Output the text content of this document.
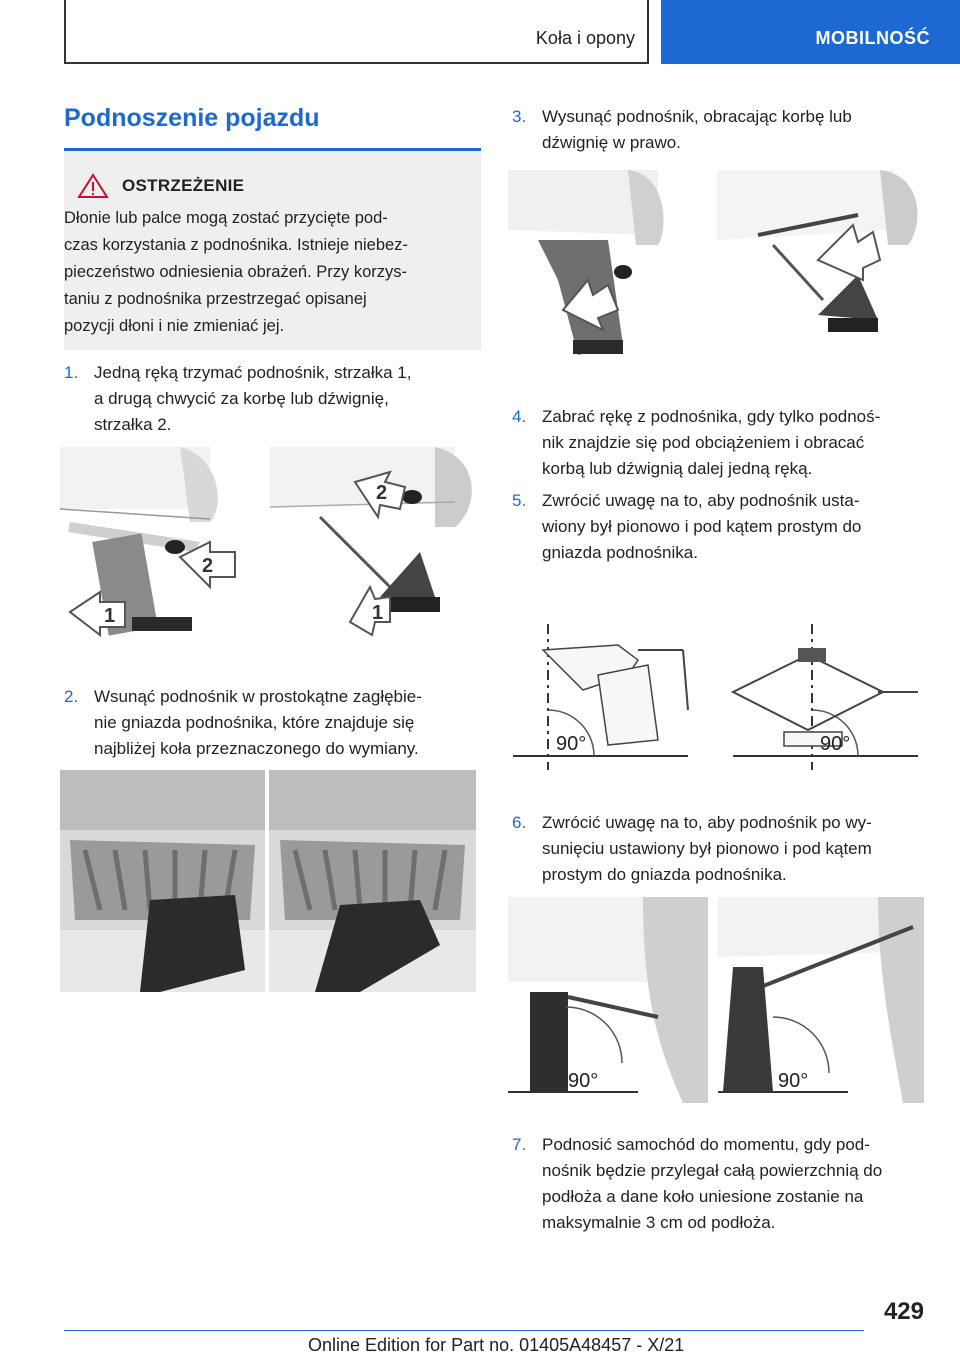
Koła i opony	MOBILNOŚĆ
Podnoszenie pojazdu
OSTRZEŻENIE
Dłonie lub palce mogą zostać przycięte pod-
czas korzystania z podnośnika. Istnieje niebez-
pieczeństwo odniesienia obrażeń. Przy korzys-
taniu z podnośnika przestrzegać opisanej
pozycji dłoni i nie zmieniać jej.
1. Jedną ręką trzymać podnośnik, strzałka 1,
a drugą chwycić za korbę lub dźwignię,
strzałka 2.
2
1
2
1
2. Wsunąć podnośnik w prostokątne zagłębie-
nie gniazda podnośnika, które znajduje się
najbliżej koła przeznaczonego do wymiany.
3. Wysunąć podnośnik, obracając korbę lub
dźwignię w prawo.
4. Zabrać rękę z podnośnika, gdy tylko podnoś-
nik znajdzie się pod obciążeniem i obracać
korbą lub dźwignią dalej jedną ręką.
5. Zwrócić uwagę na to, aby podnośnik usta-
wiony był pionowo i pod kątem prostym do
gniazda podnośnika.
90°	90°
6. Zwrócić uwagę na to, aby podnośnik po wy-
sunięciu ustawiony był pionowo i pod kątem
prostym do gniazda podnośnika.
90°	90°
7. Podnosić samochód do momentu, gdy pod-
nośnik będzie przylegał całą powierzchnią do
podłoża a dane koło uniesione zostanie na
maksymalnie 3 cm od podłoża.
429
Online Edition for Part no. 01405A48457 - X/21
